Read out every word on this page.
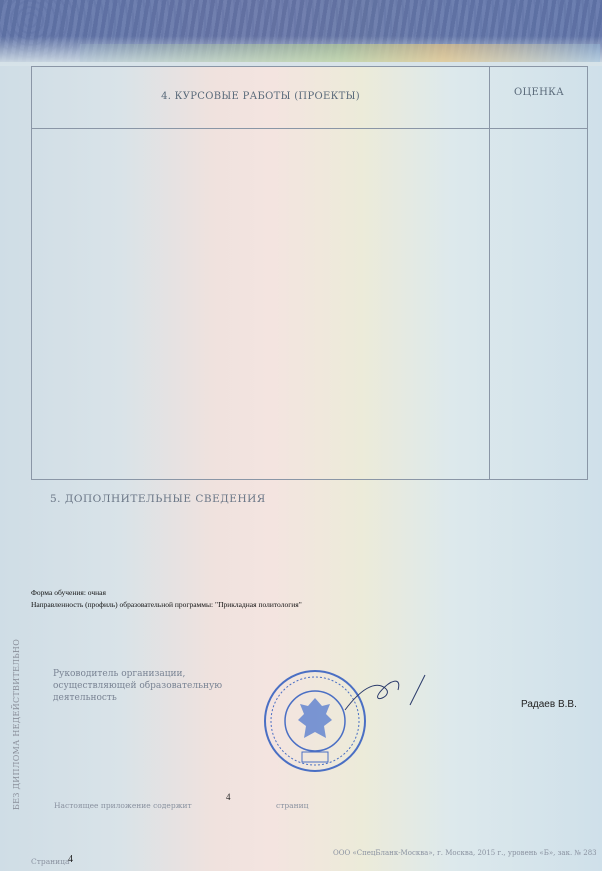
4. КУРСОВЫЕ РАБОТЫ (ПРОЕКТЫ)	ОЦЕНКА
5. ДОПОЛНИТЕЛЬНЫЕ СВЕДЕНИЯ
Форма обучения: очная
Направленность (профиль) образовательной программы: "Прикладная политология"
БЕЗ ДИПЛОМА НЕДЕЙСТВИТЕЛЬНО	Руководитель организации, осуществляющей образовательную деятельность
Радаев В.В.
Настоящее приложение содержит
4
страниц
Страница
4
ООО «СпецБланк-Москва», г. Москва, 2015 г., уровень «Б», зак. № 283
